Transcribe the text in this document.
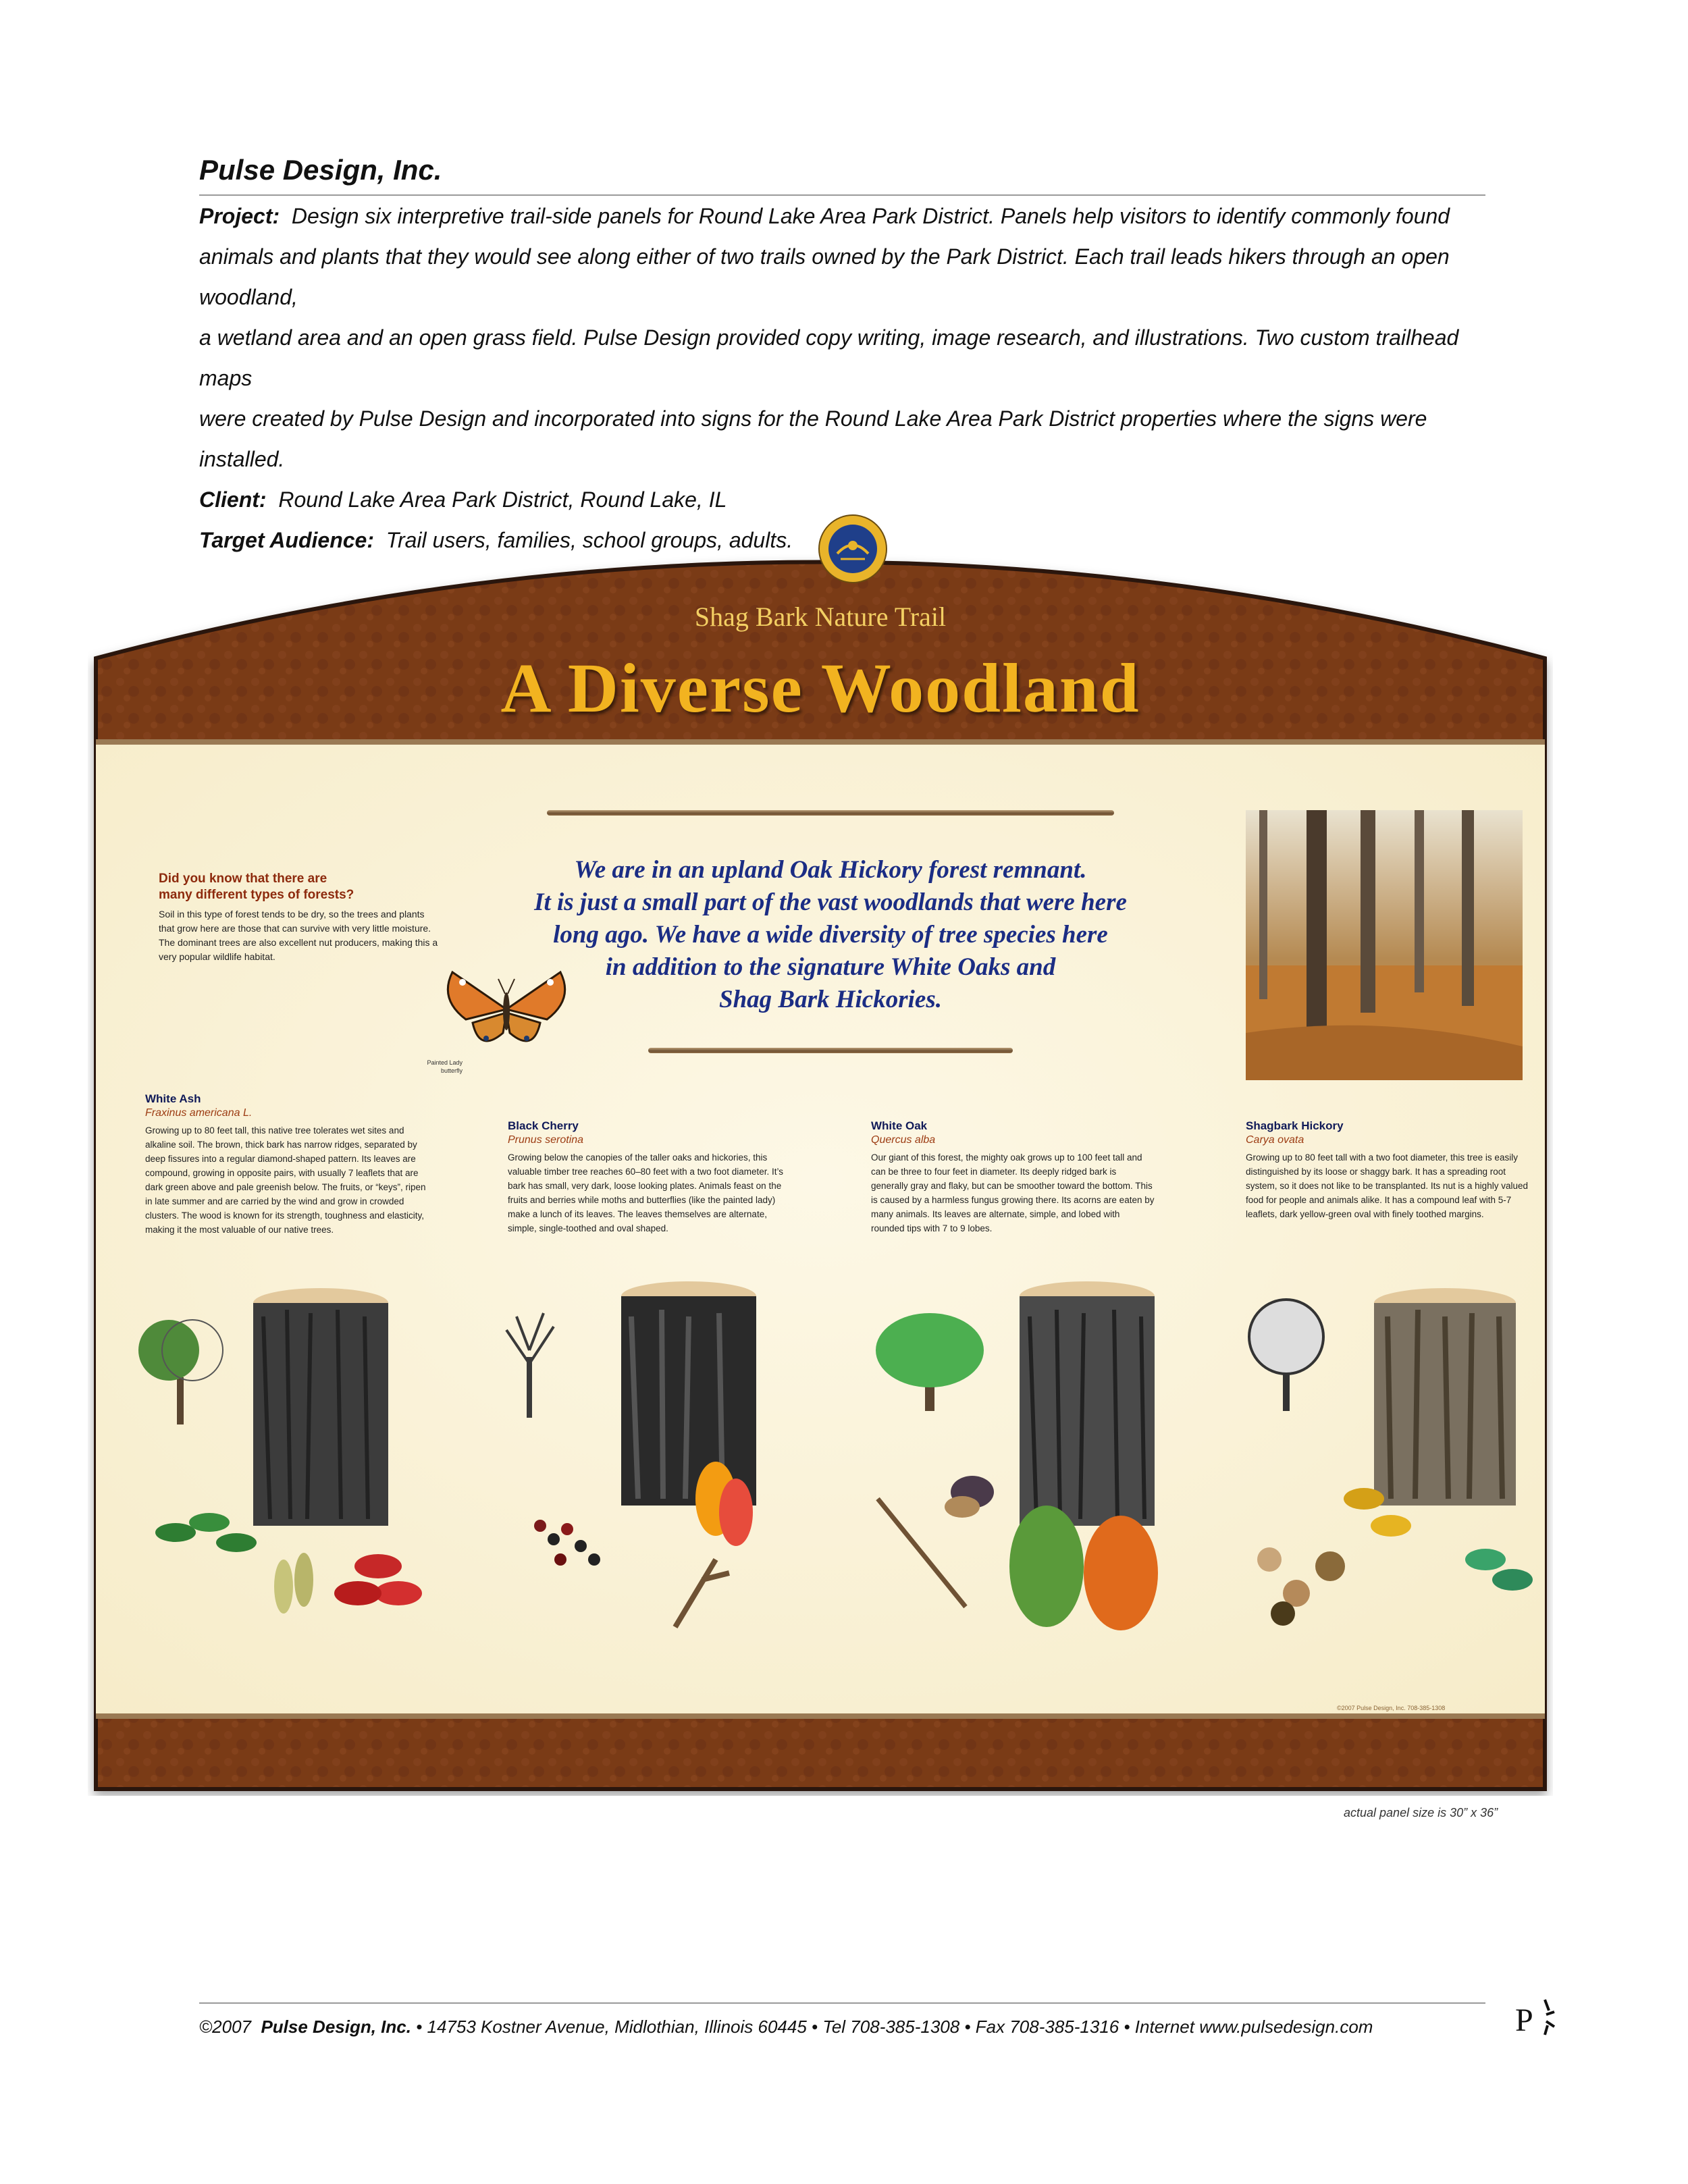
Pulse Design, Inc.

Project: Design six interpretive trail-side panels for Round Lake Area Park District. Panels help visitors to identify commonly found

animals and plants that they would see along either of two trails owned by the Park District. Each trail leads hikers through an open woodland,

a wetland area and an open grass field. Pulse Design provided copy writing, image research, and illustrations. Two custom trailhead maps

were created by Pulse Design and incorporated into signs for the Round Lake Area Park District properties where the signs were installed.

Client: Round Lake Area Park District, Round Lake, IL

Target Audience: Trail users, families, school groups, adults.

Shag Bark Nature Trail
A Diverse Woodland
We are in an upland Oak Hickory forest remnant.
It is just a small part of the vast woodlands that were here
long ago. We have a wide diversity of tree species here
in addition to the signature White Oaks and
Shag Bark Hickories.
Did you know that there are
many different types of forests?
Soil in this type of forest tends to be dry, so the trees and plants that grow here are those that can survive with very little moisture. The dominant trees are also excellent nut producers, making this a very popular wildlife habitat.
Painted Lady
butterfly
White Ash
Fraxinus americana L.
Growing up to 80 feet tall, this native tree tolerates wet sites and alkaline soil. The brown, thick bark has narrow ridges, separated by deep fissures into a regular diamond-shaped pattern. Its leaves are compound, growing in opposite pairs, with usually 7 leaflets that are dark green above and pale greenish below. The fruits, or “keys”, ripen in late summer and are carried by the wind and grow in crowded clusters. The wood is known for its strength, toughness and elasticity, making it the most valuable of our native trees.
Black Cherry
Prunus serotina
Growing below the canopies of the taller oaks and hickories, this valuable timber tree reaches 60–80 feet with a two foot diameter. It’s bark has small, very dark, loose looking plates. Animals feast on the fruits and berries while moths and butterflies (like the painted lady) make a lunch of its leaves. The leaves themselves are alternate, simple, single-toothed and oval shaped.
White Oak
Quercus alba
Our giant of this forest, the mighty oak grows up to 100 feet tall and can be three to four feet in diameter. Its deeply ridged bark is generally gray and flaky, but can be smoother toward the bottom. This is caused by a harmless fungus growing there. Its acorns are eaten by many animals. Its leaves are alternate, simple, and lobed with rounded tips with 7 to 9 lobes.
Shagbark Hickory
Carya ovata
Growing up to 80 feet tall with a two foot diameter, this tree is easily distinguished by its loose or shaggy bark. It has a spreading root system, so it does not like to be transplanted. Its nut is a highly valued food for people and animals alike. It has a compound leaf with 5-7 leaflets, dark yellow-green oval with finely toothed margins.
©2007 Pulse Design, Inc. 708-385-1308
actual panel size is 30” x 36”
©2007 Pulse Design, Inc. • 14753 Kostner Avenue, Midlothian, Illinois 60445 • Tel 708-385-1308 • Fax 708-385-1316 • Internet www.pulsedesign.com	P
